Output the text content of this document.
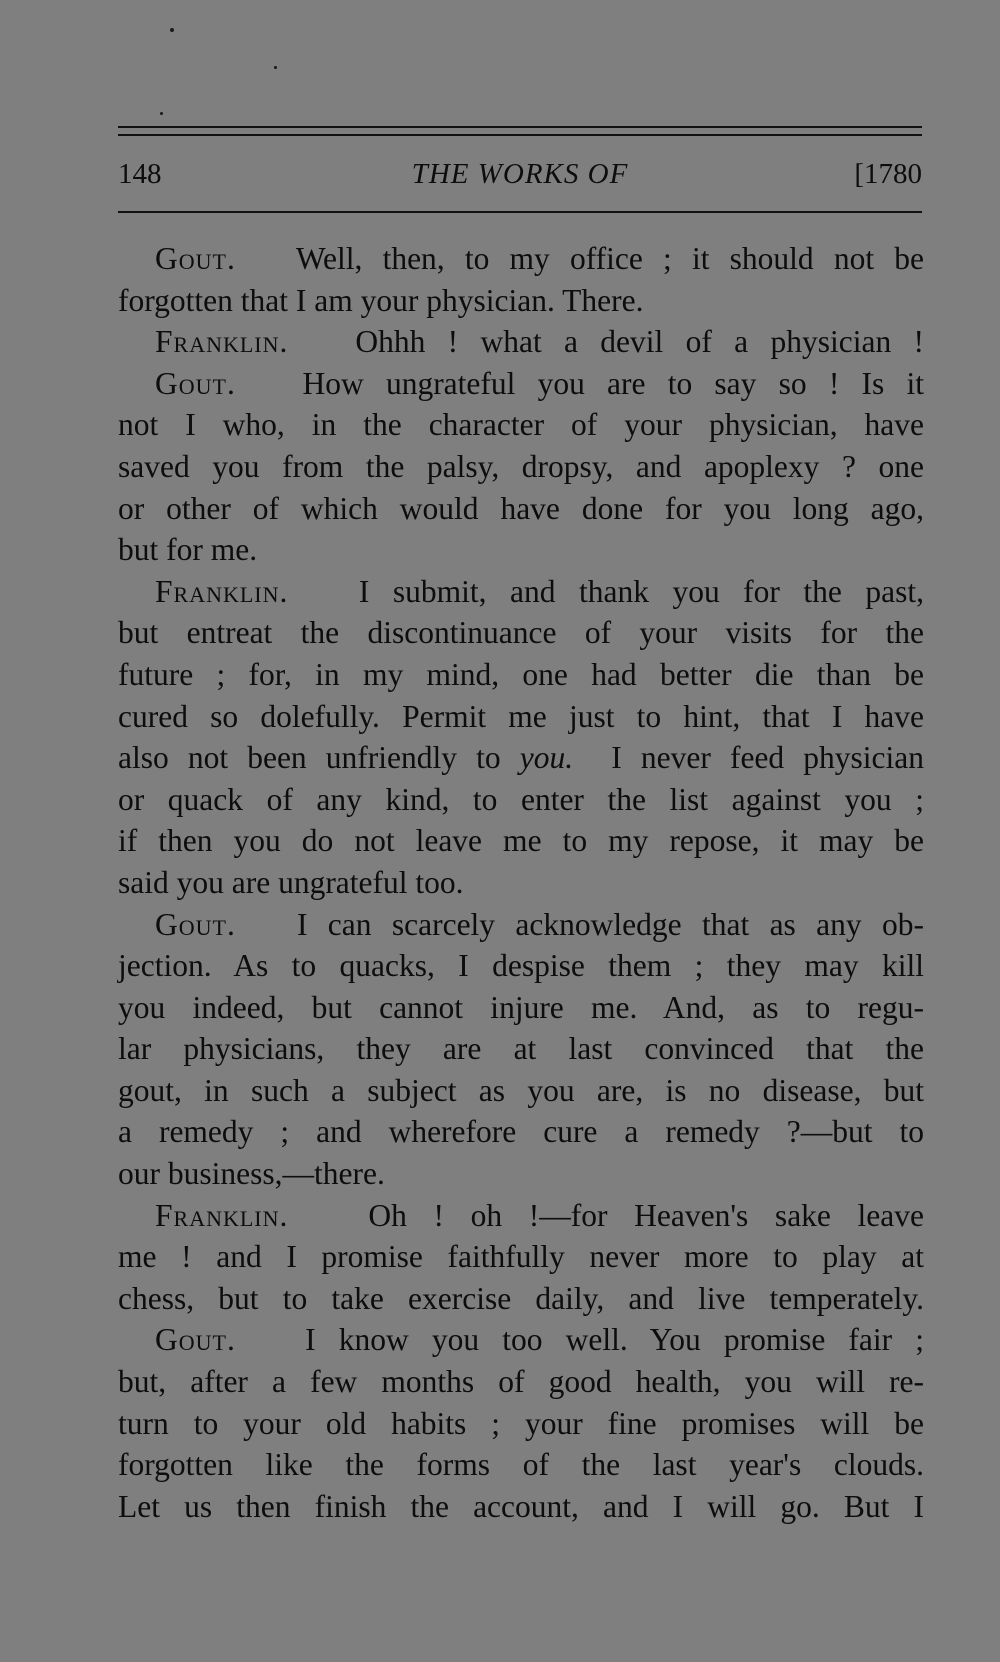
148	THE WORKS OF	[1780
Gout. Well, then, to my office ; it should not be
forgotten that I am your physician. There.
Franklin. Ohhh ! what a devil of a physician !
Gout. How ungrateful you are to say so ! Is it
not I who, in the character of your physician, have
saved you from the palsy, dropsy, and apoplexy ? one
or other of which would have done for you long ago,
but for me.
Franklin. I submit, and thank you for the past,
but entreat the discontinuance of your visits for the
future ; for, in my mind, one had better die than be
cured so dolefully. Permit me just to hint, that I have
also not been unfriendly to you. I never feed physician
or quack of any kind, to enter the list against you ;
if then you do not leave me to my repose, it may be
said you are ungrateful too.
Gout. I can scarcely acknowledge that as any ob-
jection. As to quacks, I despise them ; they may kill
you indeed, but cannot injure me. And, as to regu-
lar physicians, they are at last convinced that the
gout, in such a subject as you are, is no disease, but
a remedy ; and wherefore cure a remedy ?—but to
our business,—there.
Franklin.	Oh ! oh !—for Heaven's sake leave
me ! and I promise faithfully never more to play at
chess, but to take exercise daily, and live temperately.
Gout. I know you too well. You promise fair ;
but, after a few months of good health, you will re-
turn to your old habits ; your fine promises will be
forgotten like the forms of the last year's clouds.
Let us then finish the account, and I will go. But I
